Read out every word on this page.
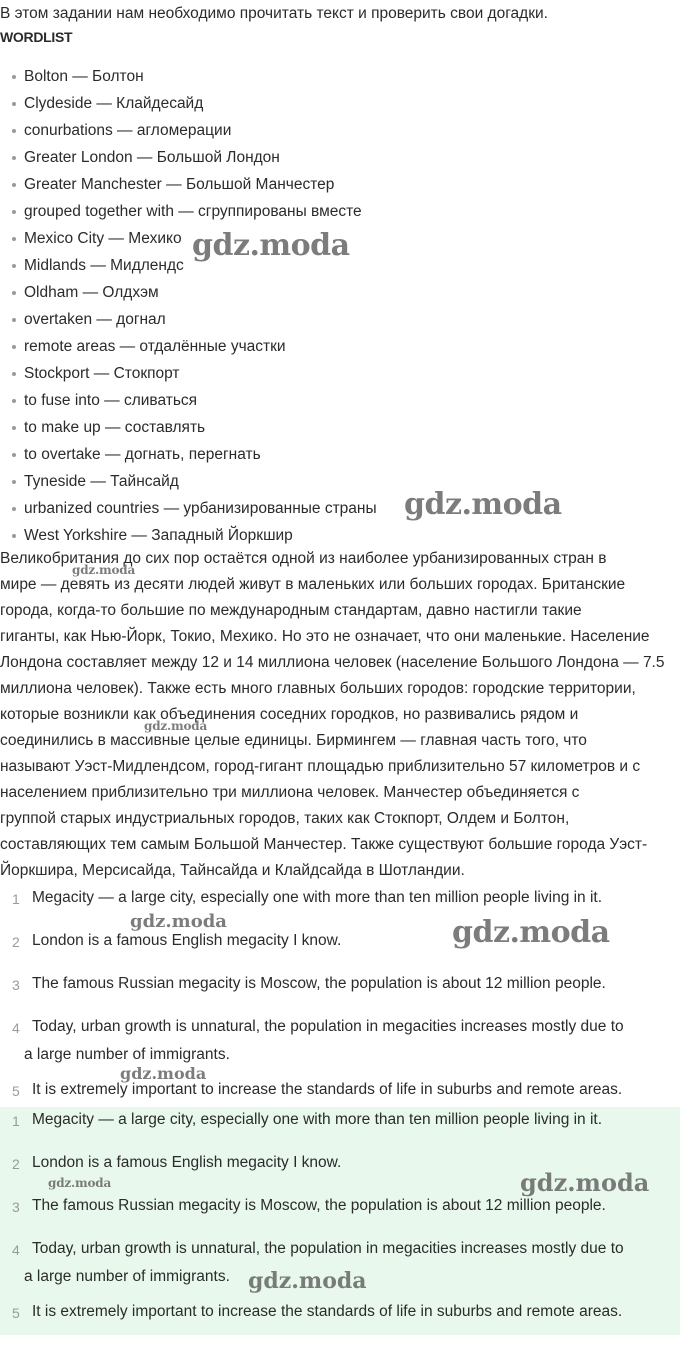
В этом задании нам необходимо прочитать текст и проверить свои догадки.
WORDLIST
Bolton — Болтон
Clydeside — Клайдесайд
conurbations — агломерации
Greater London — Большой Лондон
Greater Manchester — Большой Манчестер
grouped together with — сгруппированы вместе
Mexico City — Мехико
Midlands — Мидлендс
Oldham — Олдхэм
overtaken — догнал
remote areas — отдалённые участки
Stockport — Стокпорт
to fuse into — сливаться
to make up — составлять
to overtake — догнать, перегнать
Tyneside — Тайнсайд
urbanized countries — урбанизированные страны
West Yorkshire — Западный Йоркшир
Великобритания до сих пор остаётся одной из наиболее урбанизированных стран в
мире — девять из десяти людей живут в маленьких или больших городах. Британские
города, когда-то большие по международным стандартам, давно настигли такие
гиганты, как Нью-Йорк, Токио, Мехико. Но это не означает, что они маленькие. Население
Лондона составляет между 12 и 14 миллиона человек (население Большого Лондона — 7.5
миллиона человек). Также есть много главных больших городов: городские территории,
которые возникли как объединения соседних городков, но развивались рядом и
соединились в массивные целые единицы. Бирмингем — главная часть того, что
называют Уэст-Мидлендсом, город-гигант площадью приблизительно 57 километров и с
населением приблизительно три миллиона человек. Манчестер объединяется с
группой старых индустриальных городов, таких как Стокпорт, Олдем и Болтон,
составляющих тем самым Большой Манчестер. Также существуют большие города Уэст-
Йоркшира, Мерсисайда, Тайнсайда и Клайдсайда в Шотландии.
1 Megacity — a large city, especially one with more than ten million people living in it.
2 London is a famous English megacity I know.
3 The famous Russian megacity is Moscow, the population is about 12 million people.
4 Today, urban growth is unnatural, the population in megacities increases mostly due to
a large number of immigrants.
5 It is extremely important to increase the standards of life in suburbs and remote areas.
1 Megacity — a large city, especially one with more than ten million people living in it.
2 London is a famous English megacity I know.
3 The famous Russian megacity is Moscow, the population is about 12 million people.
4 Today, urban growth is unnatural, the population in megacities increases mostly due to
a large number of immigrants.
5 It is extremely important to increase the standards of life in suburbs and remote areas.
gdz.moda
gdz.moda
gdz.moda
gdz.moda
gdz.moda
gdz.moda
gdz.moda
gdz.moda	gdz.moda
gdz.moda
